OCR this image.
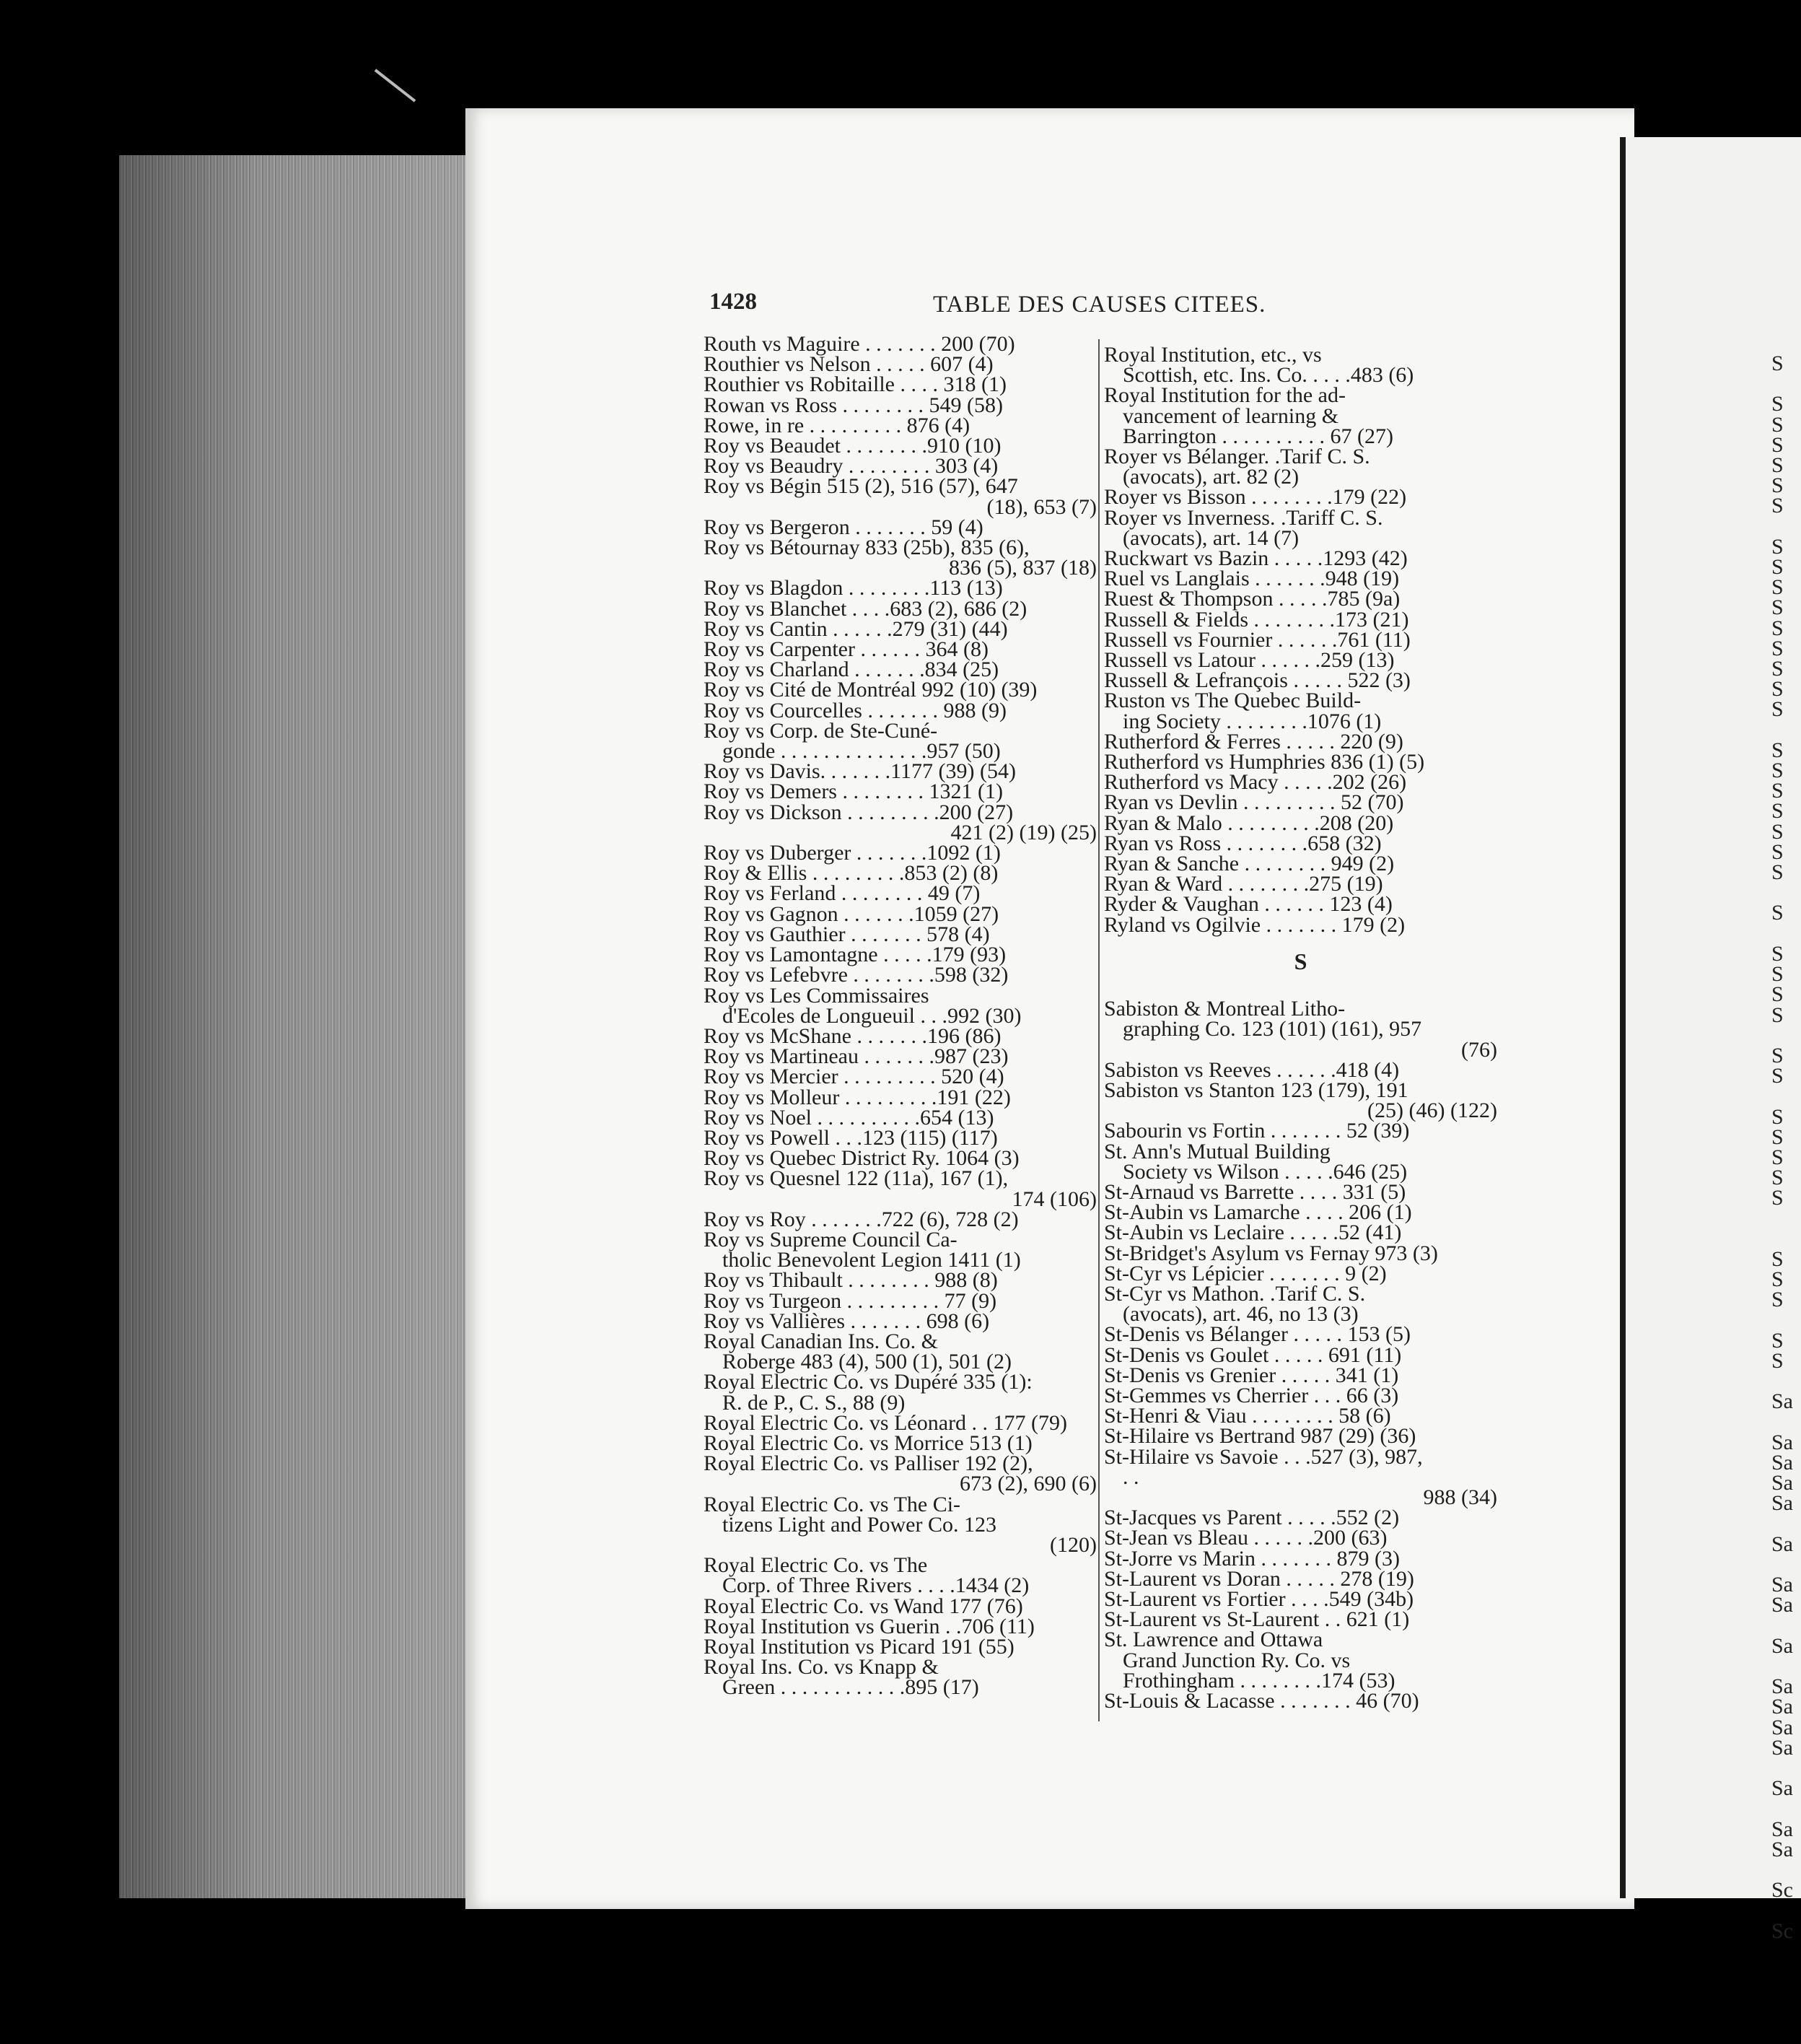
1428	TABLE DES CAUSES CITEES.
Routh vs Maguire . . . . . . . 200 (70)
Routhier vs Nelson . . . . . 607 (4)
Routhier vs Robitaille . . . . 318 (1)
Rowan vs Ross . . . . . . . . 549 (58)
Rowe, in re . . . . . . . . . 876 (4)
Roy vs Beaudet . . . . . . . .910 (10)
Roy vs Beaudry . . . . . . . . 303 (4)
Roy vs Bégin 515 (2), 516 (57), 647
(18), 653 (7)
Roy vs Bergeron . . . . . . . 59 (4)
Roy vs Bétournay 833 (25b), 835 (6),
836 (5), 837 (18)
Roy vs Blagdon . . . . . . . .113 (13)
Roy vs Blanchet . . . .683 (2), 686 (2)
Roy vs Cantin . . . . . .279 (31) (44)
Roy vs Carpenter . . . . . . 364 (8)
Roy vs Charland . . . . . . .834 (25)
Roy vs Cité de Montréal 992 (10) (39)
Roy vs Courcelles . . . . . . . 988 (9)
Roy vs Corp. de Ste-Cuné-
gonde . . . . . . . . . . . . . .957 (50)
Roy vs Davis. . . . . . .1177 (39) (54)
Roy vs Demers . . . . . . . . 1321 (1)
Roy vs Dickson . . . . . . . . .200 (27)
421 (2) (19) (25)
Roy vs Duberger . . . . . . .1092 (1)
Roy & Ellis . . . . . . . . .853 (2) (8)
Roy vs Ferland . . . . . . . . 49 (7)
Roy vs Gagnon . . . . . . .1059 (27)
Roy vs Gauthier . . . . . . . 578 (4)
Roy vs Lamontagne . . . . .179 (93)
Roy vs Lefebvre . . . . . . . .598 (32)
Roy vs Les Commissaires
d'Ecoles de Longueuil . . .992 (30)
Roy vs McShane . . . . . . .196 (86)
Roy vs Martineau . . . . . . .987 (23)
Roy vs Mercier . . . . . . . . . 520 (4)
Roy vs Molleur . . . . . . . . .191 (22)
Roy vs Noel . . . . . . . . . .654 (13)
Roy vs Powell . . .123 (115) (117)
Roy vs Quebec District Ry. 1064 (3)
Roy vs Quesnel 122 (11a), 167 (1),
174 (106)
Roy vs Roy . . . . . . .722 (6), 728 (2)
Roy vs Supreme Council Ca-
tholic Benevolent Legion 1411 (1)
Roy vs Thibault . . . . . . . . 988 (8)
Roy vs Turgeon . . . . . . . . . 77 (9)
Roy vs Vallières . . . . . . . 698 (6)
Royal Canadian Ins. Co. &
Roberge 483 (4), 500 (1), 501 (2)
Royal Electric Co. vs Dupéré 335 (1):
R. de P., C. S., 88 (9)
Royal Electric Co. vs Léonard . . 177 (79)
Royal Electric Co. vs Morrice 513 (1)
Royal Electric Co. vs Palliser 192 (2),
673 (2), 690 (6)
Royal Electric Co. vs The Ci-
tizens Light and Power Co. 123
(120)
Royal Electric Co. vs The
Corp. of Three Rivers . . . .1434 (2)
Royal Electric Co. vs Wand 177 (76)
Royal Institution vs Guerin . .706 (11)
Royal Institution vs Picard 191 (55)
Royal Ins. Co. vs Knapp &
Green . . . . . . . . . . . .895 (17)
Royal Institution, etc., vs
Scottish, etc. Ins. Co. . . . .483 (6)
Royal Institution for the ad-
vancement of learning &
Barrington . . . . . . . . . . 67 (27)
Royer vs Bélanger. .Tarif C. S.
(avocats), art. 82 (2)
Royer vs Bisson . . . . . . . .179 (22)
Royer vs Inverness. .Tariff C. S.
(avocats), art. 14 (7)
Ruckwart vs Bazin . . . . .1293 (42)
Ruel vs Langlais . . . . . . .948 (19)
Ruest & Thompson . . . . .785 (9a)
Russell & Fields . . . . . . . .173 (21)
Russell vs Fournier . . . . . .761 (11)
Russell vs Latour . . . . . .259 (13)
Russell & Lefrançois . . . . . 522 (3)
Ruston vs The Quebec Build-
ing Society . . . . . . . .1076 (1)
Rutherford & Ferres . . . . . 220 (9)
Rutherford vs Humphries 836 (1) (5)
Rutherford vs Macy . . . . .202 (26)
Ryan vs Devlin . . . . . . . . . 52 (70)
Ryan & Malo . . . . . . . . .208 (20)
Ryan vs Ross . . . . . . . .658 (32)
Ryan & Sanche . . . . . . . . 949 (2)
Ryan & Ward . . . . . . . .275 (19)
Ryder & Vaughan . . . . . . 123 (4)
Ryland vs Ogilvie . . . . . . . 179 (2)
S
Sabiston & Montreal Litho-
graphing Co. 123 (101) (161), 957
(76)
Sabiston vs Reeves . . . . . .418 (4)
Sabiston vs Stanton 123 (179), 191
(25) (46) (122)
Sabourin vs Fortin . . . . . . . 52 (39)
St. Ann's Mutual Building
Society vs Wilson . . . . .646 (25)
St-Arnaud vs Barrette . . . . 331 (5)
St-Aubin vs Lamarche . . . . 206 (1)
St-Aubin vs Leclaire . . . . .52 (41)
St-Bridget's Asylum vs Fernay 973 (3)
St-Cyr vs Lépicier . . . . . . . 9 (2)
St-Cyr vs Mathon. .Tarif C. S.
(avocats), art. 46, no 13 (3)
St-Denis vs Bélanger . . . . . 153 (5)
St-Denis vs Goulet . . . . . 691 (11)
St-Denis vs Grenier . . . . . 341 (1)
St-Gemmes vs Cherrier . . . 66 (3)
St-Henri & Viau . . . . . . . . 58 (6)
St-Hilaire vs Bertrand 987 (29) (36)
St-Hilaire vs Savoie . . .527 (3), 987,
. .
988 (34)
St-Jacques vs Parent . . . . .552 (2)
St-Jean vs Bleau . . . . . .200 (63)
St-Jorre vs Marin . . . . . . . 879 (3)
St-Laurent vs Doran . . . . . 278 (19)
St-Laurent vs Fortier . . . .549 (34b)
St-Laurent vs St-Laurent . . 621 (1)
St. Lawrence and Ottawa
Grand Junction Ry. Co. vs
Frothingham . . . . . . . .174 (53)
St-Louis & Lacasse . . . . . . . 46 (70)
S

S
S
S
S
S
S

S
S
S
S
S
S
S
S
S

S
S
S
S
S
S
S

S

S
S
S
S

S
S

S
S
S
S
S

S
S
S

S
S

Sa

Sa
Sa
Sa
Sa

Sa

Sa
Sa

Sa

Sa
Sa
Sa
Sa

Sa

Sa
Sa

Sc

Sc
